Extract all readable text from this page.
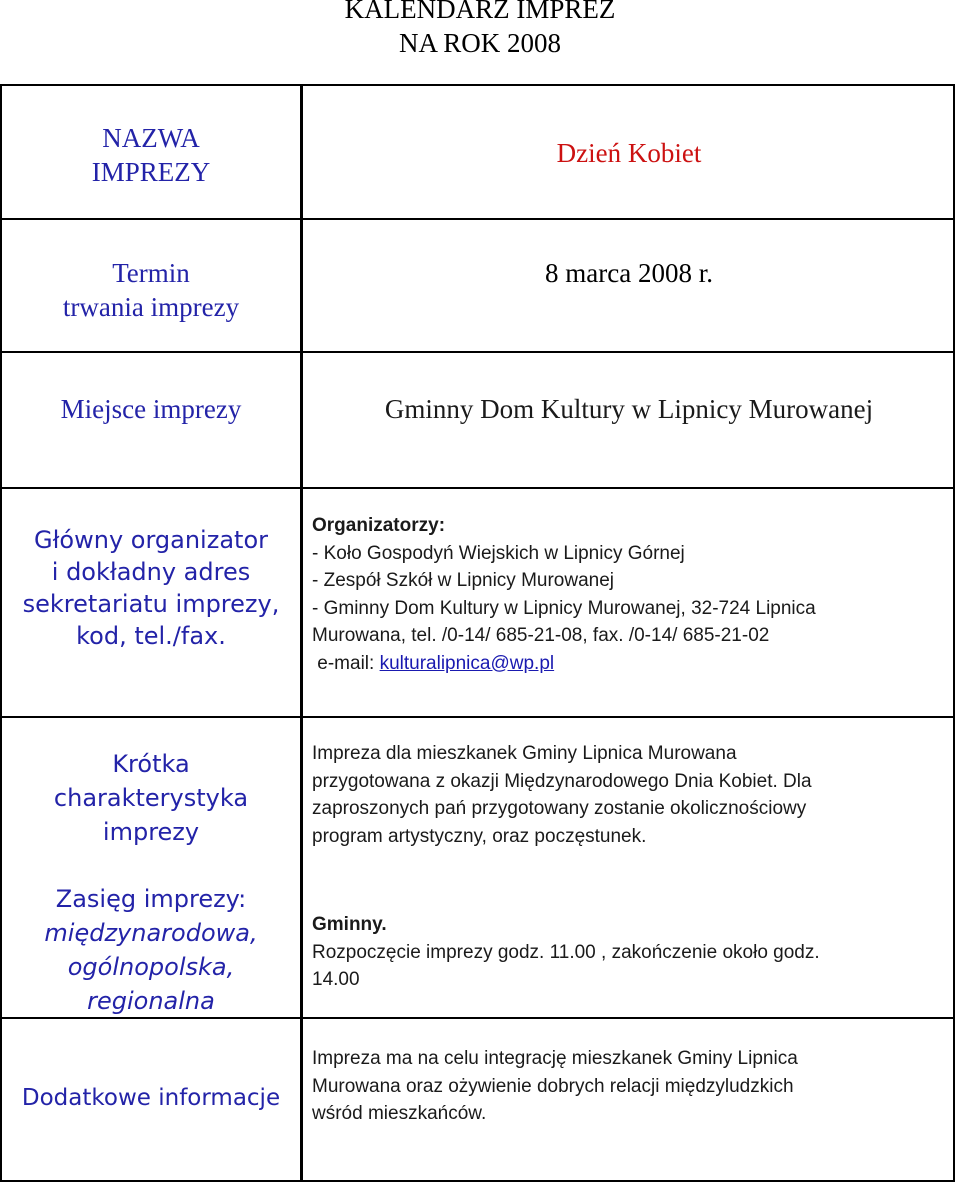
KALENDARZ IMPREZ
NA ROK 2008
NAZWA
IMPREZY
Dzień Kobiet
Termin
trwania imprezy
8 marca 2008 r.
Miejsce imprezy	Gminny Dom Kultury w Lipnicy Murowanej
Główny organizator
i dokładny adres
sekretariatu imprezy,
kod, tel./fax.
Organizatorzy:
- Koło Gospodyń Wiejskich w Lipnicy Górnej
- Zespół Szkół w Lipnicy Murowanej
- Gminny Dom Kultury w Lipnicy Murowanej, 32-724 Lipnica
Murowana, tel. /0-14/ 685-21-08, fax. /0-14/ 685-21-02
e-mail: kulturalipnica@wp.pl
Krótka
charakterystyka
imprezy
Impreza dla mieszkanek Gminy Lipnica Murowana
przygotowana z okazji Międzynarodowego Dnia Kobiet. Dla
zaproszonych pań przygotowany zostanie okolicznościowy
program artystyczny, oraz poczęstunek.
Zasięg imprezy:
międzynarodowa,
ogólnopolska,
regionalna
Gminny.
Rozpoczęcie imprezy godz. 11.00 , zakończenie około godz.
14.00
Dodatkowe informacje
Impreza ma na celu integrację mieszkanek Gminy Lipnica
Murowana oraz ożywienie dobrych relacji międzyludzkich
wśród mieszkańców.
